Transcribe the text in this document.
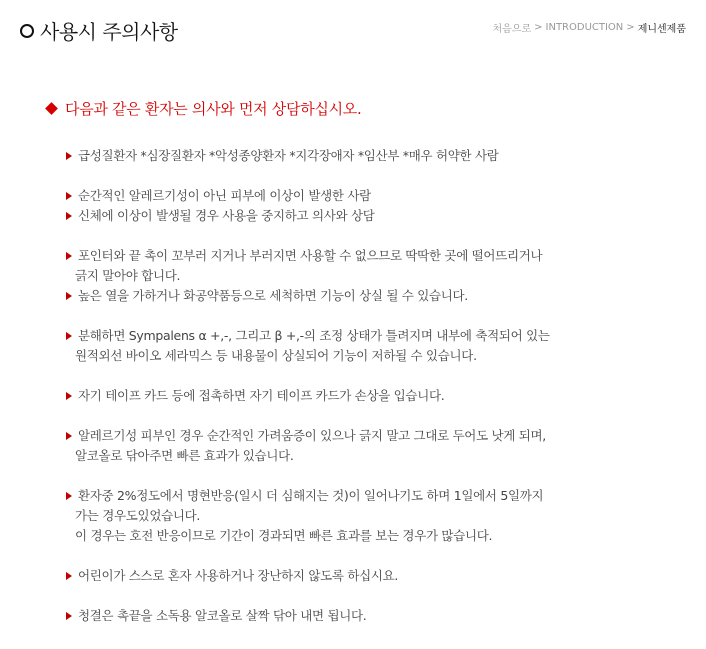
사용시 주의사항	처음으로 > INTRODUCTION > 제니센제품
다음과 같은 환자는 의사와 먼저 상담하십시오.
급성질환자 *심장질환자 *악성종양환자 *지각장애자 *임산부 *매우 허약한 사람
순간적인 알레르기성이 아닌 피부에 이상이 발생한 사람
신체에 이상이 발생될 경우 사용을 중지하고 의사와 상담
포인터와 끝 촉이 꼬부러 지거나 부러지면 사용할 수 없으므로 딱딱한 곳에 떨어뜨리거나
긁지 말아야 합니다.
높은 열을 가하거나 화공약품등으로 세척하면 기능이 상실 될 수 있습니다.
분해하면 Sympalens α +,-, 그리고 β +,-의 조정 상태가 틀려지며 내부에 축적되어 있는
원적외선 바이오 세라믹스 등 내용물이 상실되어 기능이 저하될 수 있습니다.
자기 테이프 카드 등에 접촉하면 자기 테이프 카드가 손상을 입습니다.
알레르기성 피부인 경우 순간적인 가려움증이 있으나 긁지 말고 그대로 두어도 낫게 되며,
알코올로 닦아주면 빠른 효과가 있습니다.
환자중 2%정도에서 명현반응(일시 더 심해지는 것)이 일어나기도 하며 1일에서 5일까지
가는 경우도있었습니다.
이 경우는 호전 반응이므로 기간이 경과되면 빠른 효과를 보는 경우가 많습니다.
어린이가 스스로 혼자 사용하거나 장난하지 않도록 하십시요.
청결은 촉끝을 소독용 알코올로 살짝 닦아 내면 됩니다.
